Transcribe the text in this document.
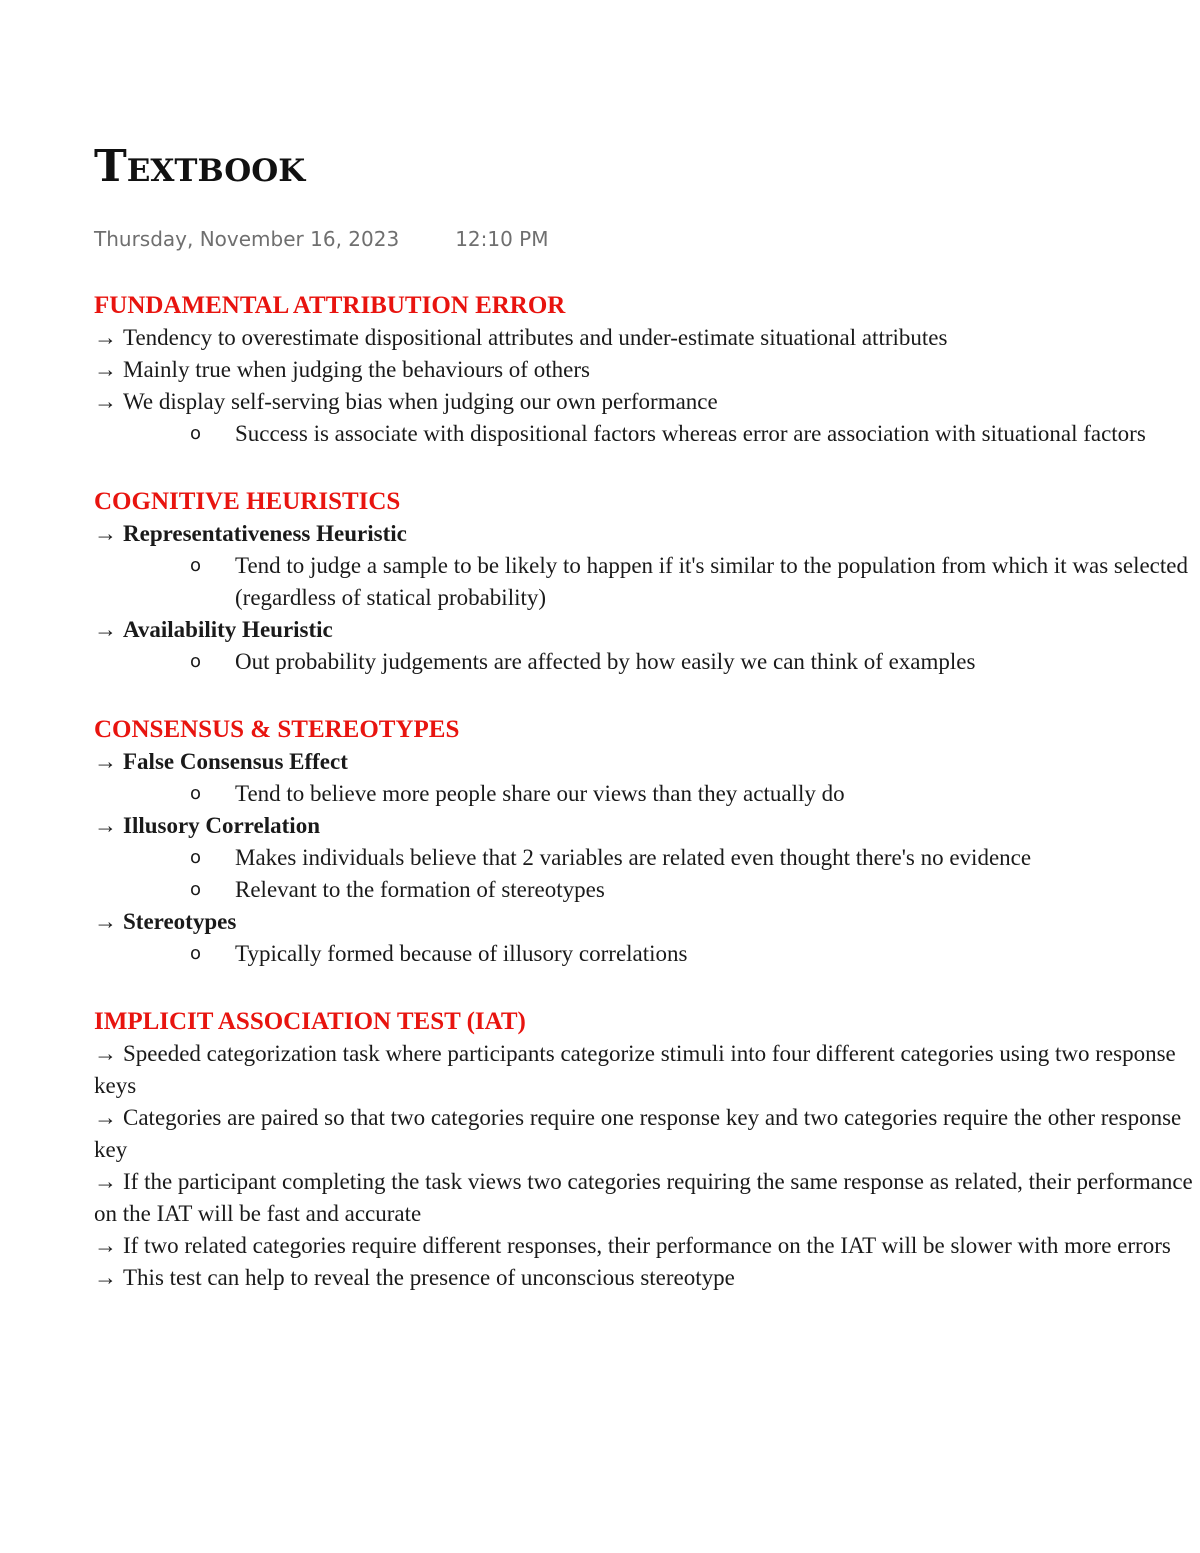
Textbook
Thursday, November 16, 2023	12:10 PM

FUNDAMENTAL ATTRIBUTION ERROR

→ Tendency to overestimate dispositional attributes and under-estimate situational attributes

→ Mainly true when judging the behaviours of others

→ We display self-serving bias when judging our own performance

o Success is associate with dispositional factors whereas error are association with situational factors

COGNITIVE HEURISTICS

→ Representativeness Heuristic

o Tend to judge a sample to be likely to happen if it's similar to the population from which it was selected (regardless of statical probability)

→ Availability Heuristic

o Out probability judgements are affected by how easily we can think of examples

CONSENSUS & STEREOTYPES

→ False Consensus Effect

o Tend to believe more people share our views than they actually do

→ Illusory Correlation

o Makes individuals believe that 2 variables are related even thought there's no evidence

o Relevant to the formation of stereotypes

→ Stereotypes

o Typically formed because of illusory correlations

IMPLICIT ASSOCIATION TEST (IAT)

→ Speeded categorization task where participants categorize stimuli into four different categories using two response keys

→ Categories are paired so that two categories require one response key and two categories require the other response key

→ If the participant completing the task views two categories requiring the same response as related, their performance on the IAT will be fast and accurate

→ If two related categories require different responses, their performance on the IAT will be slower with more errors

→ This test can help to reveal the presence of unconscious stereotype
